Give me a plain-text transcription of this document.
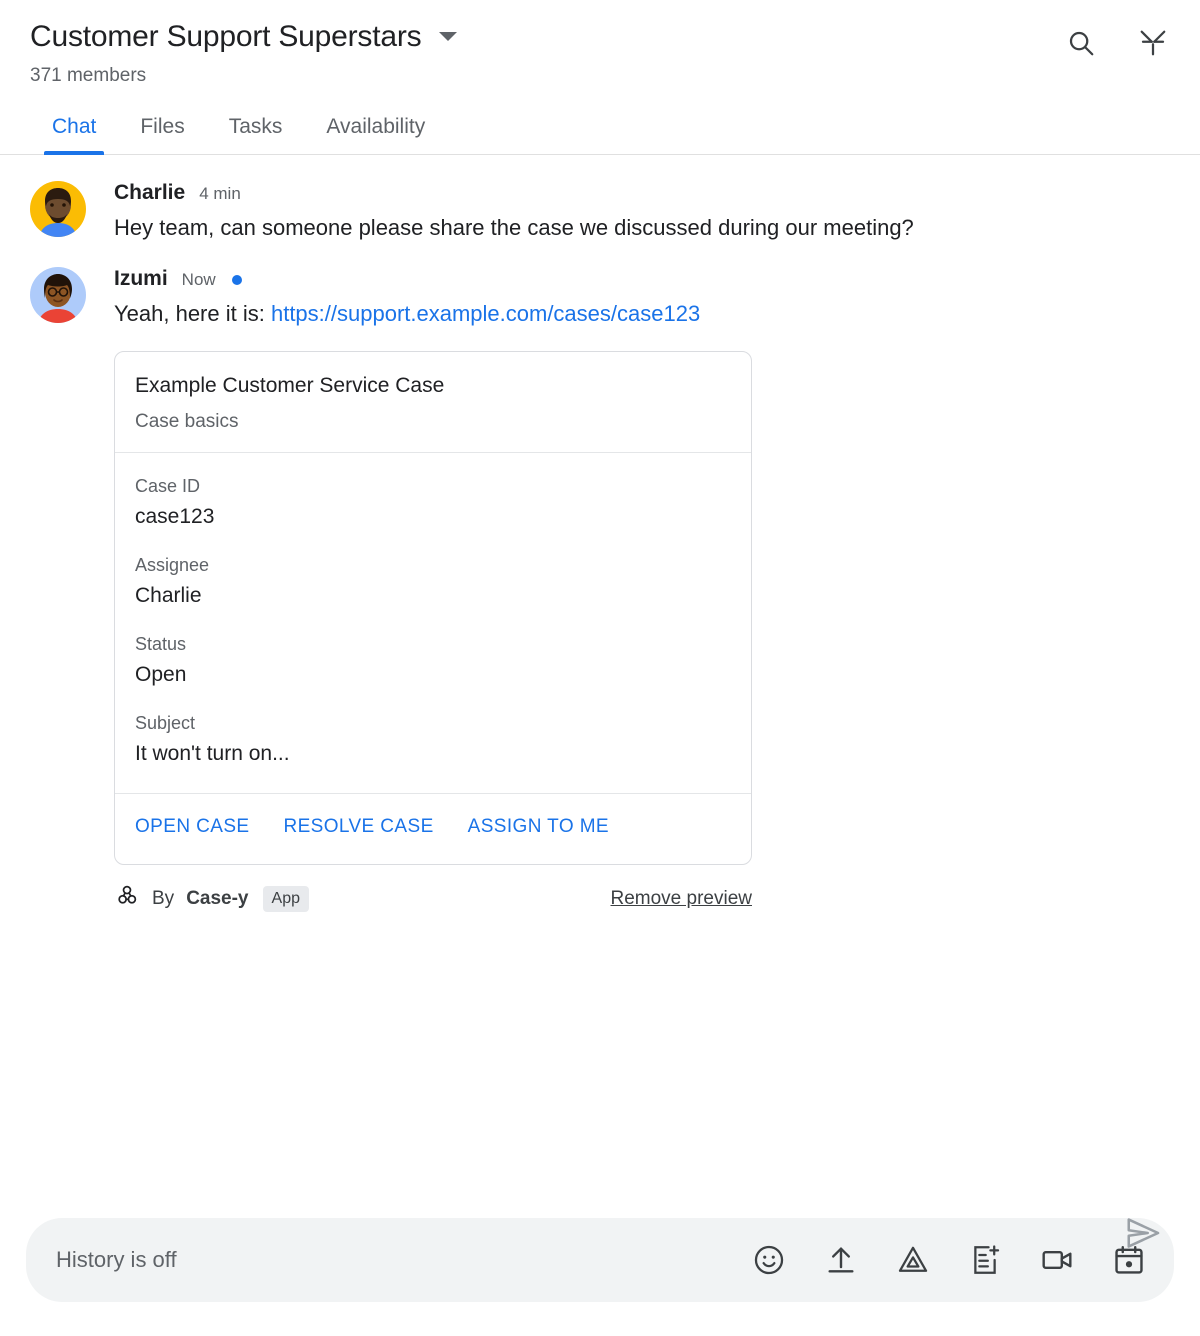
Customer Support Superstars
371 members
Chat	Files	Tasks	Availability
Charlie 4 min
Hey team, can someone please share the case we discussed during our meeting?
Izumi Now
Yeah, here it is: https://support.example.com/cases/case123
Example Customer Service Case
Case basics
Case ID
case123
Assignee
Charlie
Status
Open
Subject
It won't turn on...
OPEN CASE RESOLVE CASE ASSIGN TO ME
By Case-y	App	Remove preview
History is off
